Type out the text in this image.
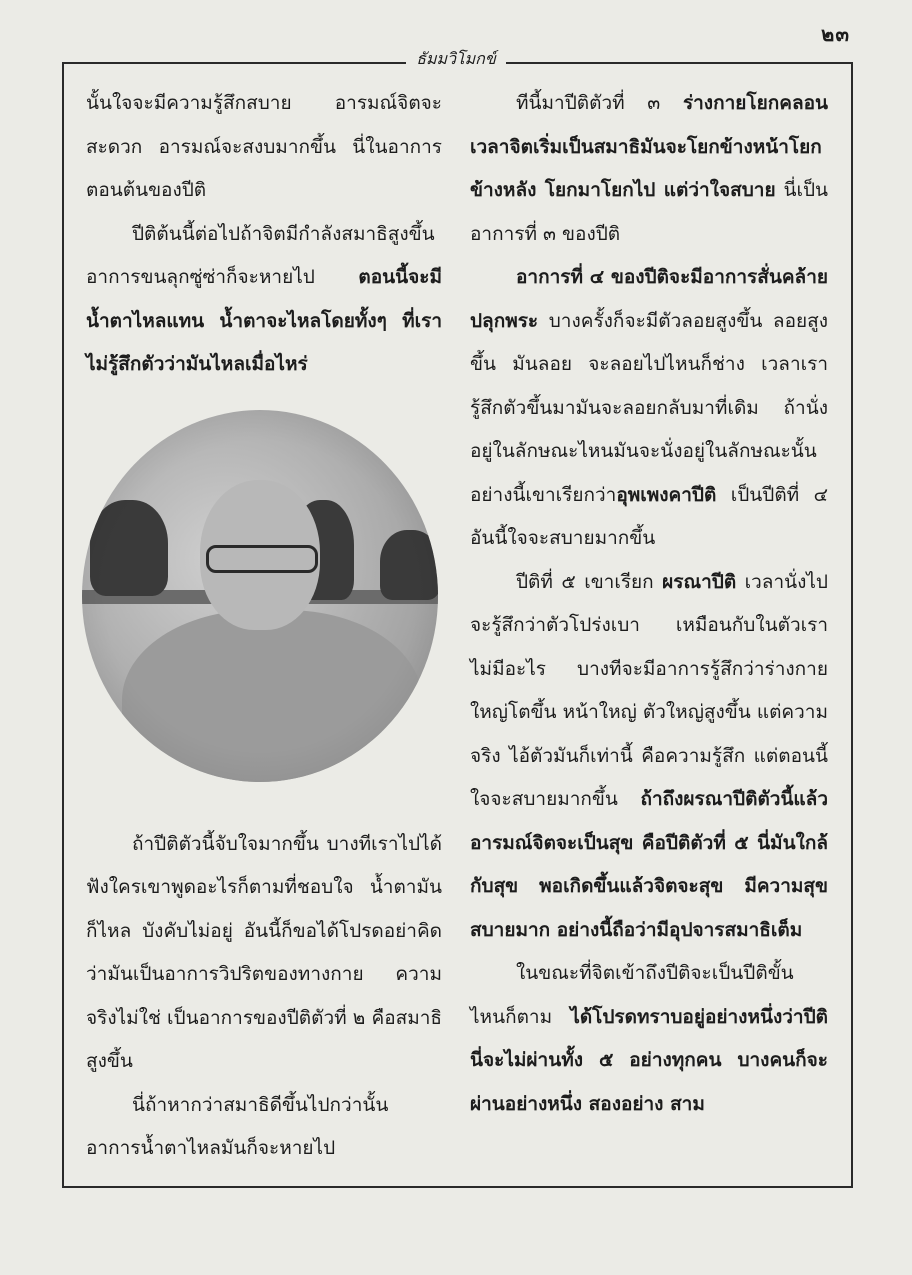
๒๓
ธัมมวิโมกข์

นั้นใจจะมีความรู้สึกสบาย อารมณ์จิตจะสะดวก อารมณ์จะสงบมากขึ้น นี่ในอาการตอนต้นของปีติ

ปีติต้นนี้ต่อไปถ้าจิตมีกำลังสมาธิสูงขึ้น อาการขนลุกซู่ซ่าก็จะหายไป ตอนนี้จะมีน้ำตาไหลแทน น้ำตาจะไหลโดยทั้งๆ ที่เราไม่รู้สึกตัวว่ามันไหลเมื่อไหร่

ถ้าปีติตัวนี้จับใจมากขึ้น บางทีเราไปได้ฟังใครเขาพูดอะไรก็ตามที่ชอบใจ น้ำตามันก็ไหล บังคับไม่อยู่ อันนี้ก็ขอได้โปรดอย่าคิดว่ามันเป็นอาการวิปริตของทางกาย ความจริงไม่ใช่ เป็นอาการของปีติตัวที่ ๒ คือสมาธิสูงขึ้น

นี่ถ้าหากว่าสมาธิดีขึ้นไปกว่านั้น อาการน้ำตาไหลมันก็จะหายไป

ทีนี้มาปีติตัวที่ ๓ ร่างกายโยกคลอนเวลาจิตเริ่มเป็นสมาธิมันจะโยกข้างหน้าโยกข้างหลัง โยกมาโยกไป แต่ว่าใจสบาย นี่เป็นอาการที่ ๓ ของปีติ

อาการที่ ๔ ของปีติจะมีอาการสั่นคล้ายปลุกพระ บางครั้งก็จะมีตัวลอยสูงขึ้น ลอยสูงขึ้น มันลอย จะลอยไปไหนก็ช่าง เวลาเรารู้สึกตัวขึ้นมามันจะลอยกลับมาที่เดิม ถ้านั่งอยู่ในลักษณะไหนมันจะนั่งอยู่ในลักษณะนั้น อย่างนี้เขาเรียกว่าอุพเพงคาปีติ เป็นปีติที่ ๔ อันนี้ใจจะสบายมากขึ้น

ปีติที่ ๕ เขาเรียก ผรณาปีติ เวลานั่งไปจะรู้สึกว่าตัวโปร่งเบา เหมือนกับในตัวเราไม่มีอะไร บางทีจะมีอาการรู้สึกว่าร่างกายใหญ่โตขึ้น หน้าใหญ่ ตัวใหญ่สูงขึ้น แต่ความจริง ไอ้ตัวมันก็เท่านี้ คือความรู้สึก แต่ตอนนี้ใจจะสบายมากขึ้น ถ้าถึงผรณาปีติตัวนี้แล้วอารมณ์จิตจะเป็นสุข คือปีติตัวที่ ๕ นี่มันใกล้กับสุข พอเกิดขึ้นแล้วจิตจะสุข มีความสุขสบายมาก อย่างนี้ถือว่ามีอุปจารสมาธิเต็ม

ในขณะที่จิตเข้าถึงปีติจะเป็นปีติขั้นไหนก็ตาม ได้โปรดทราบอยู่อย่างหนึ่งว่าปีตินี่จะไม่ผ่านทั้ง ๕ อย่างทุกคน บางคนก็จะผ่านอย่างหนึ่ง สองอย่าง สาม
